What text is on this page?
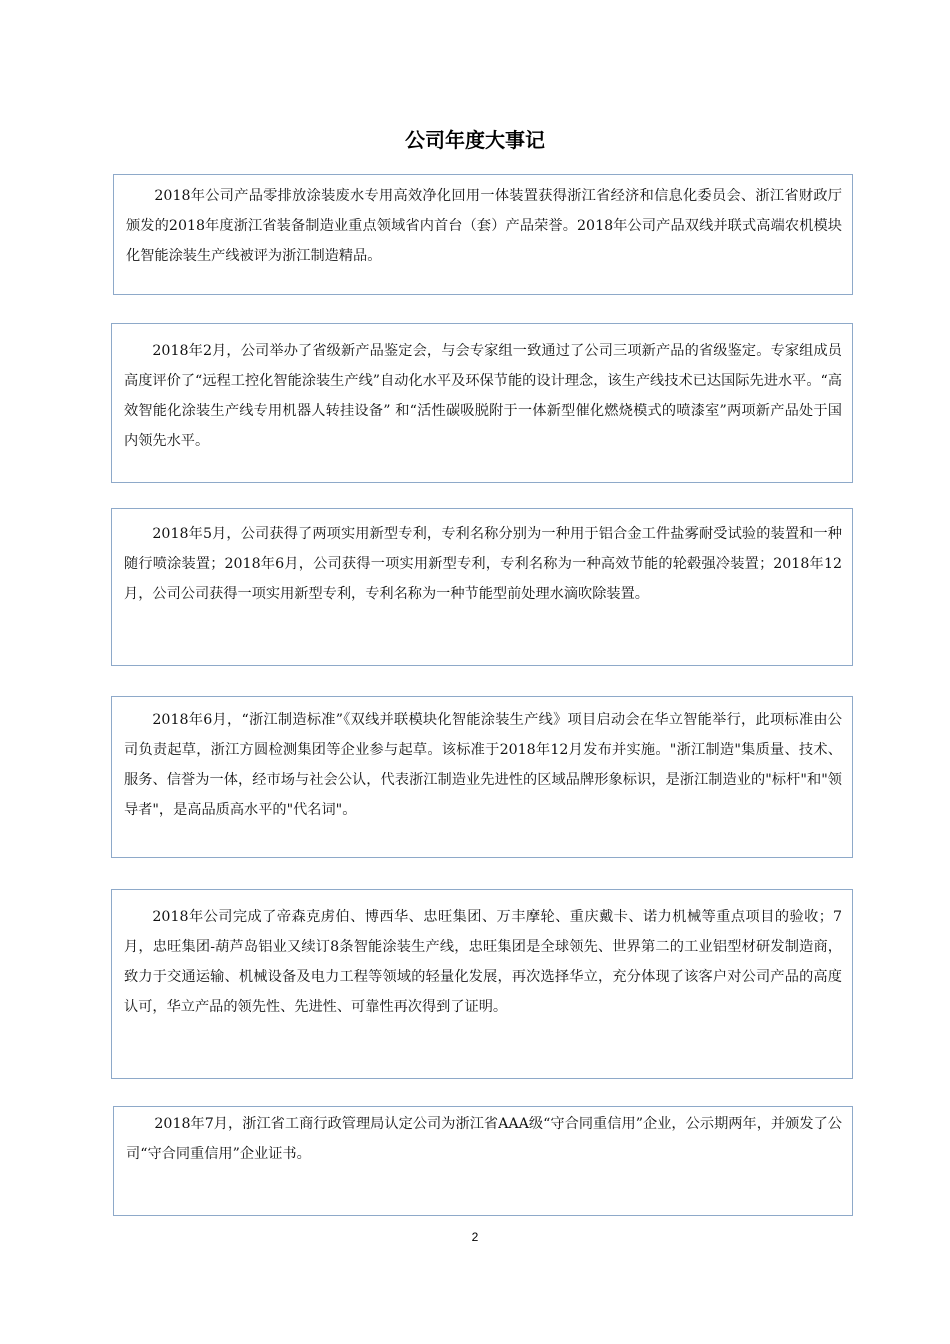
公司年度大事记

2018年公司产品零排放涂装废水专用高效净化回用一体装置获得浙江省经济和信息化委员会、浙江省财政厅颁发的2018年度浙江省装备制造业重点领域省内首台（套）产品荣誉。2018年公司产品双线并联式高端农机模块化智能涂装生产线被评为浙江制造精品。

2018年2月，公司举办了省级新产品鉴定会，与会专家组一致通过了公司三项新产品的省级鉴定。专家组成员高度评价了“远程工控化智能涂装生产线”自动化水平及环保节能的设计理念，该生产线技术已达国际先进水平。“高效智能化涂装生产线专用机器人转挂设备” 和“活性碳吸脱附于一体新型催化燃烧模式的喷漆室”两项新产品处于国内领先水平。

2018年5月，公司获得了两项实用新型专利，专利名称分别为一种用于铝合金工件盐雾耐受试验的装置和一种随行喷涂装置；2018年6月，公司获得一项实用新型专利，专利名称为一种高效节能的轮毂强冷装置；2018年12月，公司公司获得一项实用新型专利，专利名称为一种节能型前处理水滴吹除装置。

2018年6月，“浙江制造标准”《双线并联模块化智能涂装生产线》项目启动会在华立智能举行，此项标准由公司负责起草，浙江方圆检测集团等企业参与起草。该标准于2018年12月发布并实施。"浙江制造"集质量、技术、服务、信誉为一体，经市场与社会公认，代表浙江制造业先进性的区域品牌形象标识，是浙江制造业的"标杆"和"领导者"，是高品质高水平的"代名词"。

2018年公司完成了帝森克虏伯、博西华、忠旺集团、万丰摩轮、重庆戴卡、诺力机械等重点项目的验收；7月，忠旺集团-葫芦岛铝业又续订8条智能涂装生产线，忠旺集团是全球领先、世界第二的工业铝型材研发制造商，致力于交通运输、机械设备及电力工程等领域的轻量化发展，再次选择华立，充分体现了该客户对公司产品的高度认可，华立产品的领先性、先进性、可靠性再次得到了证明。

2018年7月，浙江省工商行政管理局认定公司为浙江省AAA级“守合同重信用”企业，公示期两年，并颁发了公司“守合同重信用”企业证书。

2
